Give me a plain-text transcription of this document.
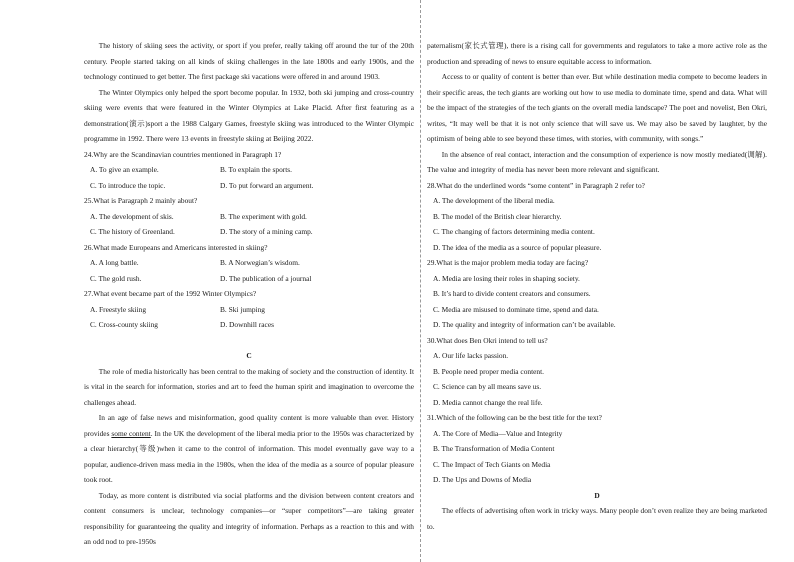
The history of skiing sees the activity, or sport if you prefer, really taking off around the tur of the 20th century. People started taking on all kinds of skiing challenges in the late 1800s and early 1900s, and the technology continued to get better. The first package ski vacations were offered in and around 1903.

The Winter Olympics only helped the sport become popular. In 1932, both ski jumping and cross-country skiing were events that were featured in the Winter Olympics at Lake Placid. After first featuring as a demonstration(演示)sport a the 1988 Calgary Games, freestyle skiing was introduced to the Winter Olympic programme in 1992. There were 13 events in freestyle skiing at Beijing 2022.

24.Why are the Scandinavian countries mentioned in Paragraph 1?

A. To give an example.	B. To explain the sports.
C. To introduce the topic.	D. To put forward an argument.

25.What is Paragraph 2 mainly about?

A. The development of skis.	B. The experiment with gold.
C. The history of Greenland.	D. The story of a mining camp.

26.What made Europeans and Americans interested in skiing?

A. A long battle.	B. A Norwegian’s wisdom.
C. The gold rush.	D. The publication of a journal

27.What event became part of the 1992 Winter Olympics?

A. Freestyle skiing	B. Ski jumping
C. Cross-county skiing	D. Downhill races

C

The role of media historically has been central to the making of society and the construction of identity. It is vital in the search for information, stories and art to feed the human spirit and imagination to overcome the challenges ahead.

In an age of false news and misinformation, good quality content is more valuable than ever. History provides some content. In the UK the development of the liberal media prior to the 1950s was characterized by a clear hierarchy(等级)when it came to the control of information. This model eventually gave way to a popular, audience-driven mass media in the 1980s, when the idea of the media as a source of popular pleasure took root.

Today, as more content is distributed via social platforms and the division between content creators and content consumers is unclear, technology companies—or “super competitors”—are taking greater responsibility for guaranteeing the quality and integrity of information. Perhaps as a reaction to this and with an odd nod to pre-1950s

paternalism(家长式管理), there is a rising call for governments and regulators to take a more active role as the production and spreading of news to ensure equitable access to information.

Access to or quality of content is better than ever. But while destination media compete to become leaders in their specific areas, the tech giants are working out how to use media to dominate time, spend and data. What will be the impact of the strategies of the tech giants on the overall media landscape? The poet and novelist, Ben Okri, writes, “It may well be that it is not only science that will save us. We may also be saved by laughter, by the optimism of being able to see beyond these times, with stories, with community, with songs.”

In the absence of real contact, interaction and the consumption of experience is now mostly mediated(调解). The value and integrity of media has never been more relevant and significant.

28.What do the underlined words “some content” in Paragraph 2 refer to?

A. The development of the liberal media.
B. The model of the British clear hierarchy.
C. The changing of factors determining media content.
D. The idea of the media as a source of popular pleasure.

29.What is the major problem media today are facing?

A. Media are losing their roles in shaping society.
B. It’s hard to divide content creators and consumers.
C. Media are misused to dominate time, spend and data.
D. The quality and integrity of information can’t be available.

30.What does Ben Okri intend to tell us?

A. Our life lacks passion.
B. People need proper media content.
C. Science can by all means save us.
D. Media cannot change the real life.

31.Which of the following can be the best title for the text?

A. The Core of Media—Value and Integrity
B. The Transformation of Media Content
C. The Impact of Tech Giants on Media
D. The Ups and Downs of Media

D

The effects of advertising often work in tricky ways. Many people don’t even realize they are being marketed to.
